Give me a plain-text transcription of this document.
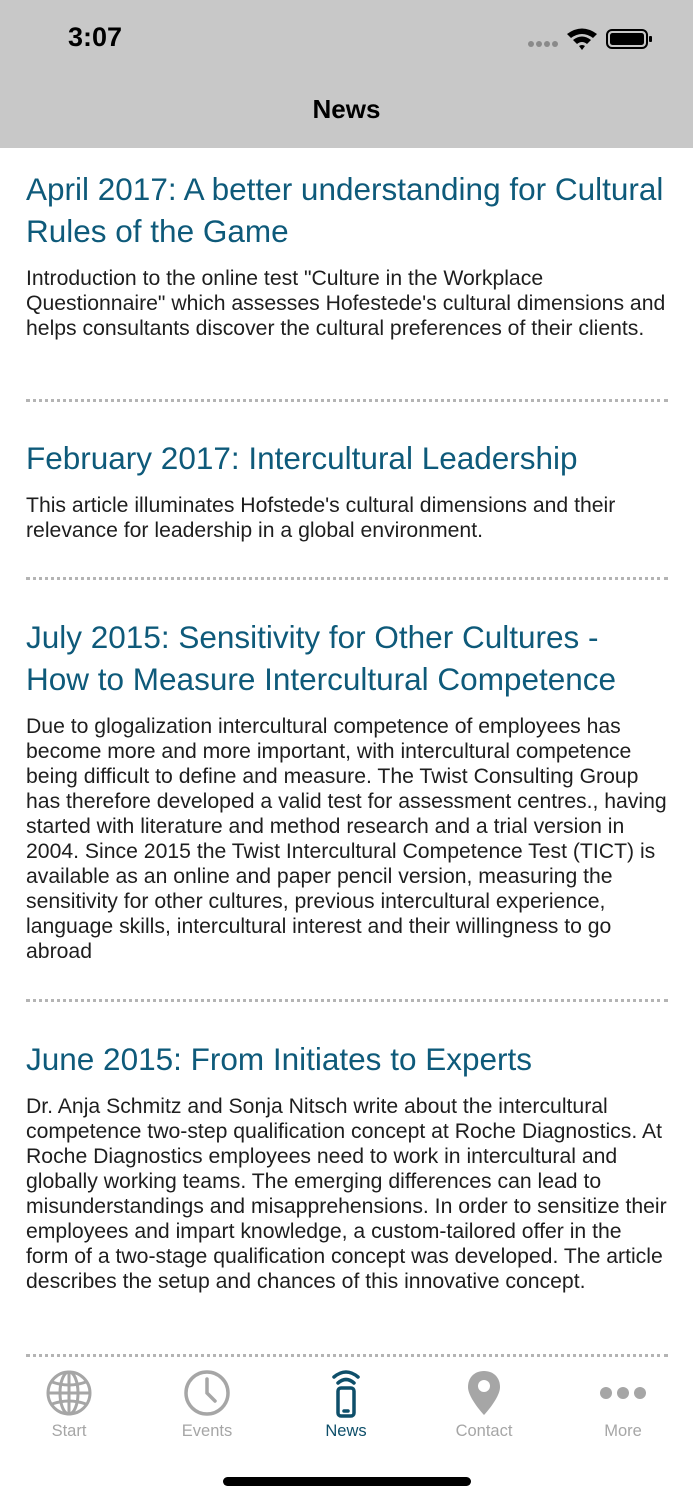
3:07
News
April 2017: A better understanding for Cultural Rules of the Game

Introduction to the online test "Culture in the Workplace Questionnaire" which assesses Hofestede's cultural dimensions and helps consultants discover the cultural preferences of their clients.

February 2017: Intercultural Leadership

This article illuminates Hofstede's cultural dimensions and their relevance for leadership in a global environment.

July 2015: Sensitivity for Other Cultures - How to Measure Intercultural Competence

Due to glogalization intercultural competence of employees has become more and more important, with intercultural competence being difficult to define and measure. The Twist Consulting Group has therefore developed a valid test for assessment centres., having started with literature and method research and a trial version in 2004. Since 2015 the Twist Intercultural Competence Test (TICT) is available as an online and paper pencil version, measuring the sensitivity for other cultures, previous intercultural experience, language skills, intercultural interest and their willingness to go abroad

June 2015: From Initiates to Experts

Dr. Anja Schmitz and Sonja Nitsch write about the intercultural competence two-step qualification concept at Roche Diagnostics. At Roche Diagnostics employees need to work in intercultural and globally working teams. The emerging differences can lead to misunderstandings and misapprehensions. In order to sensitize their employees and impart knowledge, a custom-tailored offer in the form of a two-stage qualification concept was developed. The article describes the setup and chances of this innovative concept.

Start	Events	News	Contact	More
